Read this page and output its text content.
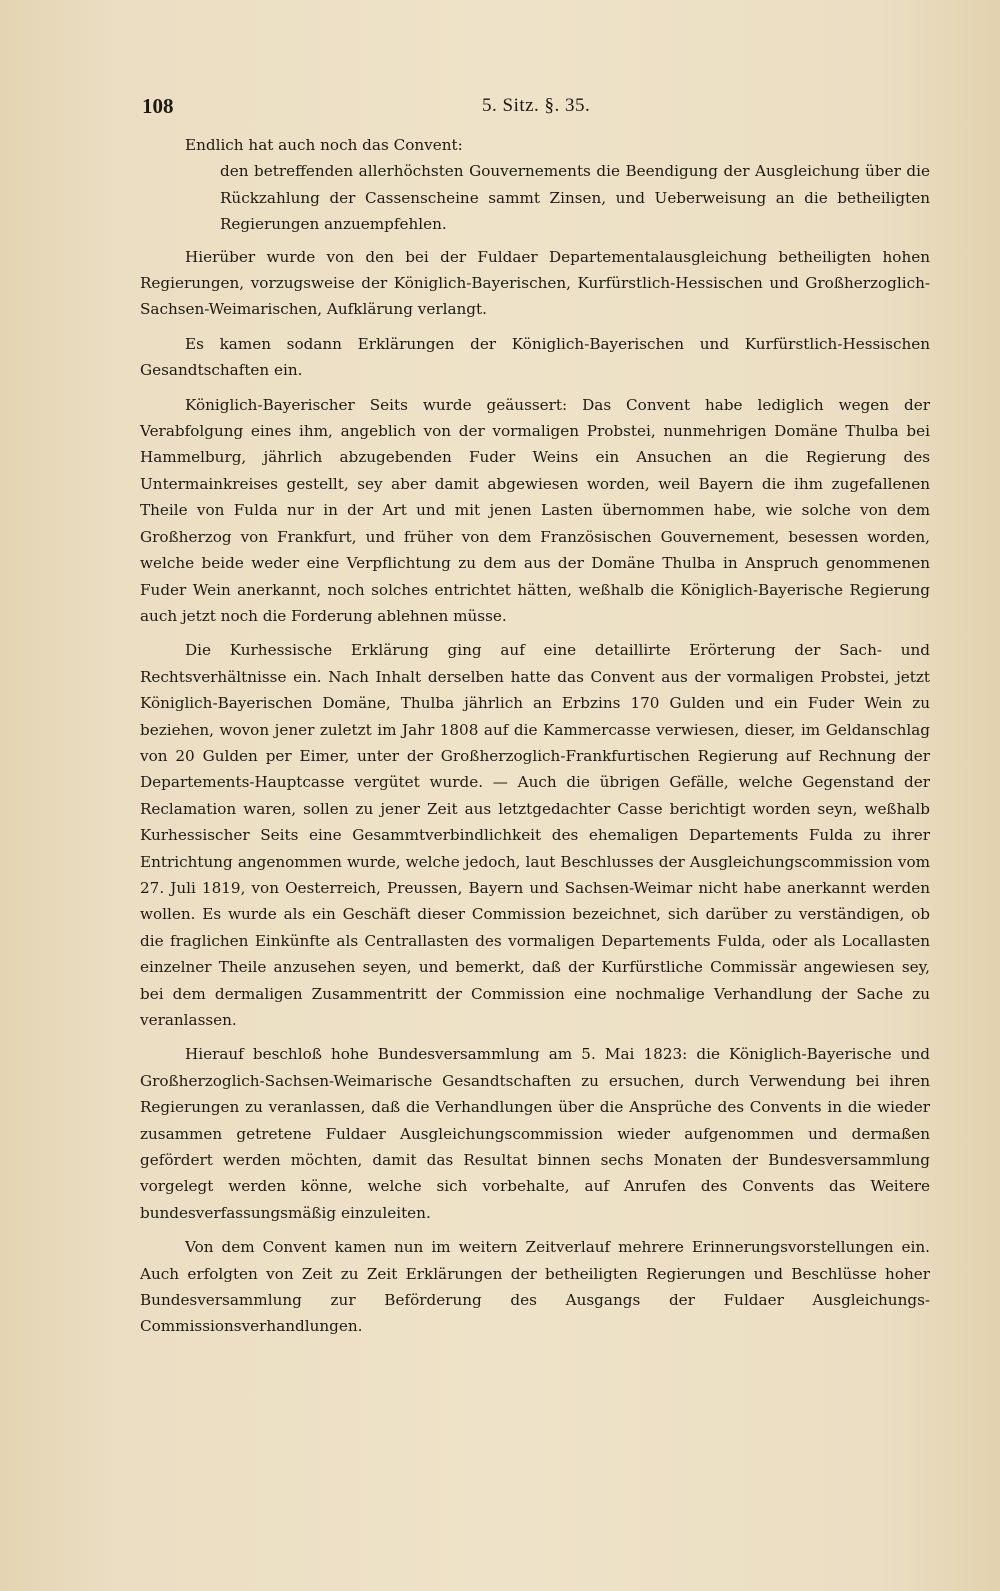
108	5. Sitz. §. 35.

Endlich hat auch noch das Convent:

den betreffenden allerhöchsten Gouvernements die Beendigung der Ausgleichung über die Rückzahlung der Cassenscheine sammt Zinsen, und Ueberweisung an die betheiligten Regierungen anzuempfehlen.

Hierüber wurde von den bei der Fuldaer Departementalausgleichung betheiligten hohen Regierungen, vorzugsweise der Königlich-Bayerischen, Kurfürstlich-Hessischen und Großherzoglich-Sachsen-Weimarischen, Aufklärung verlangt.

Es kamen sodann Erklärungen der Königlich-Bayerischen und Kurfürstlich-Hessischen Gesandtschaften ein.

Königlich-Bayerischer Seits wurde geäussert: Das Convent habe lediglich wegen der Verabfolgung eines ihm, angeblich von der vormaligen Probstei, nunmehrigen Domäne Thulba bei Hammelburg, jährlich abzugebenden Fuder Weins ein Ansuchen an die Regierung des Untermainkreises gestellt, sey aber damit abgewiesen worden, weil Bayern die ihm zugefallenen Theile von Fulda nur in der Art und mit jenen Lasten übernommen habe, wie solche von dem Großherzog von Frankfurt, und früher von dem Französischen Gouvernement, besessen worden, welche beide weder eine Verpflichtung zu dem aus der Domäne Thulba in Anspruch genommenen Fuder Wein anerkannt, noch solches entrichtet hätten, weßhalb die Königlich-Bayerische Regierung auch jetzt noch die Forderung ablehnen müsse.

Die Kurhessische Erklärung ging auf eine detaillirte Erörterung der Sach- und Rechtsverhältnisse ein. Nach Inhalt derselben hatte das Convent aus der vormaligen Probstei, jetzt Königlich-Bayerischen Domäne, Thulba jährlich an Erbzins 170 Gulden und ein Fuder Wein zu beziehen, wovon jener zuletzt im Jahr 1808 auf die Kammercasse verwiesen, dieser, im Geldanschlag von 20 Gulden per Eimer, unter der Großherzoglich-Frankfurtischen Regierung auf Rechnung der Departements-Hauptcasse vergütet wurde. — Auch die übrigen Gefälle, welche Gegenstand der Reclamation waren, sollen zu jener Zeit aus letztgedachter Casse berichtigt worden seyn, weßhalb Kurhessischer Seits eine Gesammtverbindlichkeit des ehemaligen Departements Fulda zu ihrer Entrichtung angenommen wurde, welche jedoch, laut Beschlusses der Ausgleichungscommission vom 27. Juli 1819, von Oesterreich, Preussen, Bayern und Sachsen-Weimar nicht habe anerkannt werden wollen. Es wurde als ein Geschäft dieser Commission bezeichnet, sich darüber zu verständigen, ob die fraglichen Einkünfte als Centrallasten des vormaligen Departements Fulda, oder als Locallasten einzelner Theile anzusehen seyen, und bemerkt, daß der Kurfürstliche Commissär angewiesen sey, bei dem dermaligen Zusammentritt der Commission eine nochmalige Verhandlung der Sache zu veranlassen.

Hierauf beschloß hohe Bundesversammlung am 5. Mai 1823: die Königlich-Bayerische und Großherzoglich-Sachsen-Weimarische Gesandtschaften zu ersuchen, durch Verwendung bei ihren Regierungen zu veranlassen, daß die Verhandlungen über die Ansprüche des Convents in die wieder zusammen getretene Fuldaer Ausgleichungscommission wieder aufgenommen und dermaßen gefördert werden möchten, damit das Resultat binnen sechs Monaten der Bundesversammlung vorgelegt werden könne, welche sich vorbehalte, auf Anrufen des Convents das Weitere bundesverfassungsmäßig einzuleiten.

Von dem Convent kamen nun im weitern Zeitverlauf mehrere Erinnerungsvorstellungen ein. Auch erfolgten von Zeit zu Zeit Erklärungen der betheiligten Regierungen und Beschlüsse hoher Bundesversammlung zur Beförderung des Ausgangs der Fuldaer Ausgleichungs-Commissionsverhandlungen.
